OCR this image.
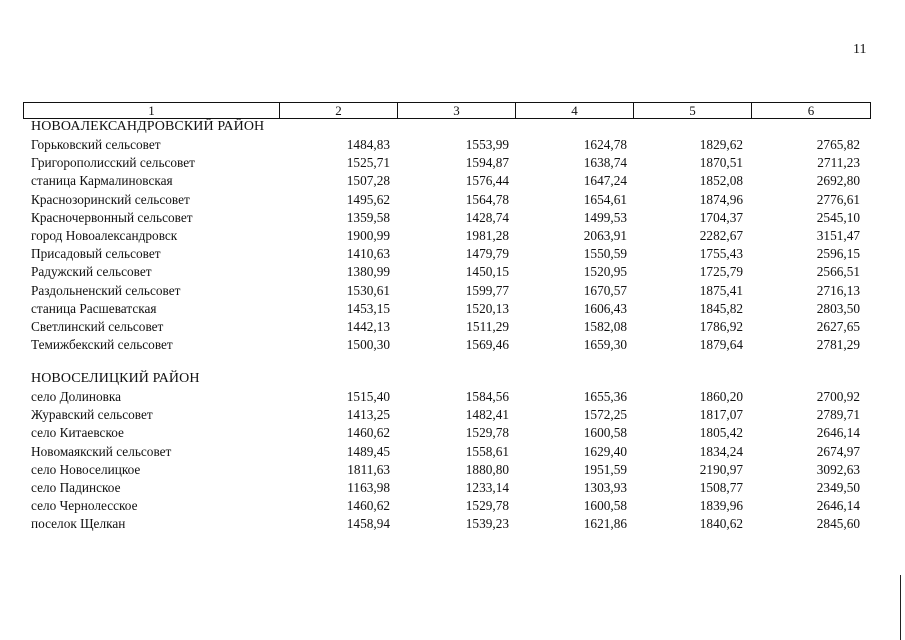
11
1	2	3	4	5	6
НОВОАЛЕКСАНДРОВСКИЙ РАЙОН
Горьковский сельсовет	1484,83	1553,99	1624,78	1829,62	2765,82
Григорополисский сельсовет	1525,71	1594,87	1638,74	1870,51	2711,23
станица Кармалиновская	1507,28	1576,44	1647,24	1852,08	2692,80
Краснозоринский сельсовет	1495,62	1564,78	1654,61	1874,96	2776,61
Красночервонный сельсовет	1359,58	1428,74	1499,53	1704,37	2545,10
город Новоалександровск	1900,99	1981,28	2063,91	2282,67	3151,47
Присадовый сельсовет	1410,63	1479,79	1550,59	1755,43	2596,15
Радужский сельсовет	1380,99	1450,15	1520,95	1725,79	2566,51
Раздольненский сельсовет	1530,61	1599,77	1670,57	1875,41	2716,13
станица Расшеватская	1453,15	1520,13	1606,43	1845,82	2803,50
Светлинский сельсовет	1442,13	1511,29	1582,08	1786,92	2627,65
Темижбекский сельсовет	1500,30	1569,46	1659,30	1879,64	2781,29
НОВОСЕЛИЦКИЙ РАЙОН
село Долиновка	1515,40	1584,56	1655,36	1860,20	2700,92
Журавский сельсовет	1413,25	1482,41	1572,25	1817,07	2789,71
село Китаевское	1460,62	1529,78	1600,58	1805,42	2646,14
Новомаякский сельсовет	1489,45	1558,61	1629,40	1834,24	2674,97
село Новоселицкое	1811,63	1880,80	1951,59	2190,97	3092,63
село Падинское	1163,98	1233,14	1303,93	1508,77	2349,50
село Чернолесское	1460,62	1529,78	1600,58	1839,96	2646,14
поселок Щелкан	1458,94	1539,23	1621,86	1840,62	2845,60
